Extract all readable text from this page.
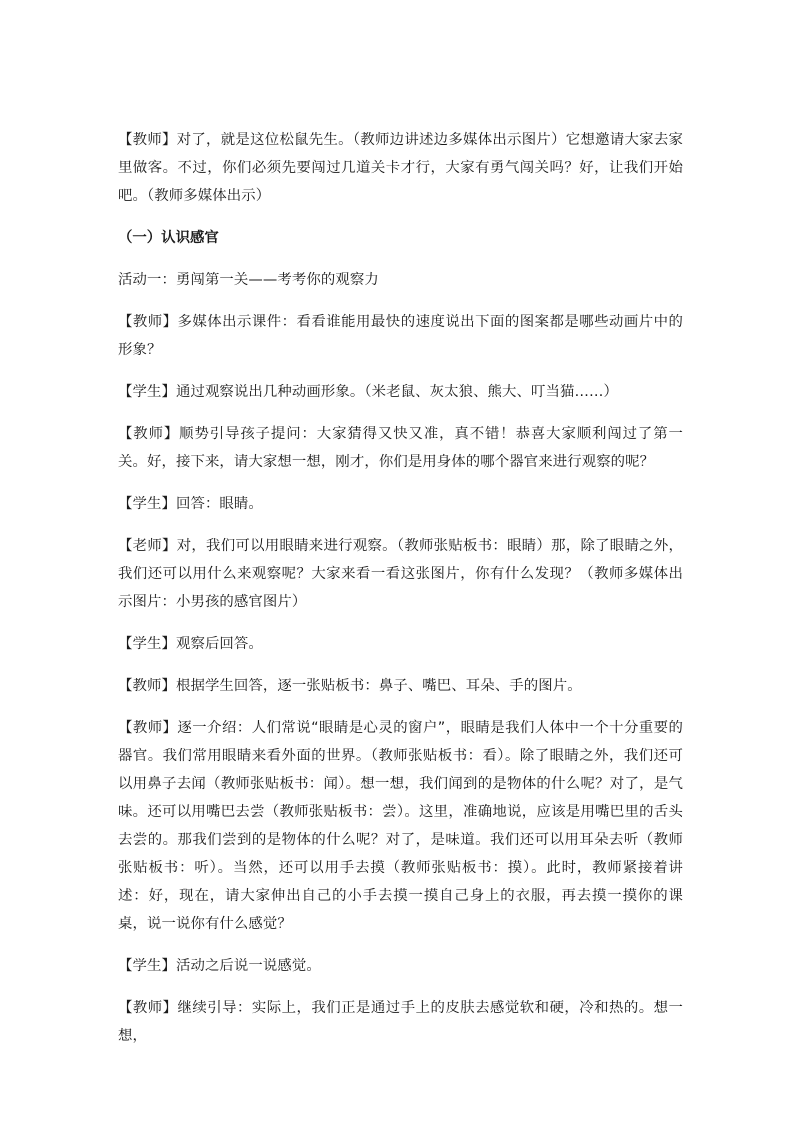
【教师】对了，就是这位松鼠先生。（教师边讲述边多媒体出示图片）它想邀请大家去家里做客。不过，你们必须先要闯过几道关卡才行，大家有勇气闯关吗？好，让我们开始吧。（教师多媒体出示）

（一）认识感官

活动一：勇闯第一关——考考你的观察力

【教师】多媒体出示课件：看看谁能用最快的速度说出下面的图案都是哪些动画片中的形象？

【学生】通过观察说出几种动画形象。（米老鼠、灰太狼、熊大、叮当猫……）

【教师】顺势引导孩子提问：大家猜得又快又准，真不错！恭喜大家顺利闯过了第一关。好，接下来，请大家想一想，刚才，你们是用身体的哪个器官来进行观察的呢？

【学生】回答：眼睛。

【老师】对，我们可以用眼睛来进行观察。（教师张贴板书：眼睛）那，除了眼睛之外，我们还可以用什么来观察呢？大家来看一看这张图片，你有什么发现？（教师多媒体出示图片：小男孩的感官图片）

【学生】观察后回答。

【教师】根据学生回答，逐一张贴板书：鼻子、嘴巴、耳朵、手的图片。

【教师】逐一介绍：人们常说“眼睛是心灵的窗户”，眼睛是我们人体中一个十分重要的器官。我们常用眼睛来看外面的世界。（教师张贴板书：看）。除了眼睛之外，我们还可以用鼻子去闻（教师张贴板书：闻）。想一想，我们闻到的是物体的什么呢？对了，是气味。还可以用嘴巴去尝（教师张贴板书：尝）。这里，准确地说，应该是用嘴巴里的舌头去尝的。那我们尝到的是物体的什么呢？对了，是味道。我们还可以用耳朵去听（教师张贴板书：听）。当然，还可以用手去摸（教师张贴板书：摸）。此时，教师紧接着讲述：好，现在，请大家伸出自己的小手去摸一摸自己身上的衣服，再去摸一摸你的课桌，说一说你有什么感觉？

【学生】活动之后说一说感觉。

【教师】继续引导：实际上，我们正是通过手上的皮肤去感觉软和硬，冷和热的。想一想，
